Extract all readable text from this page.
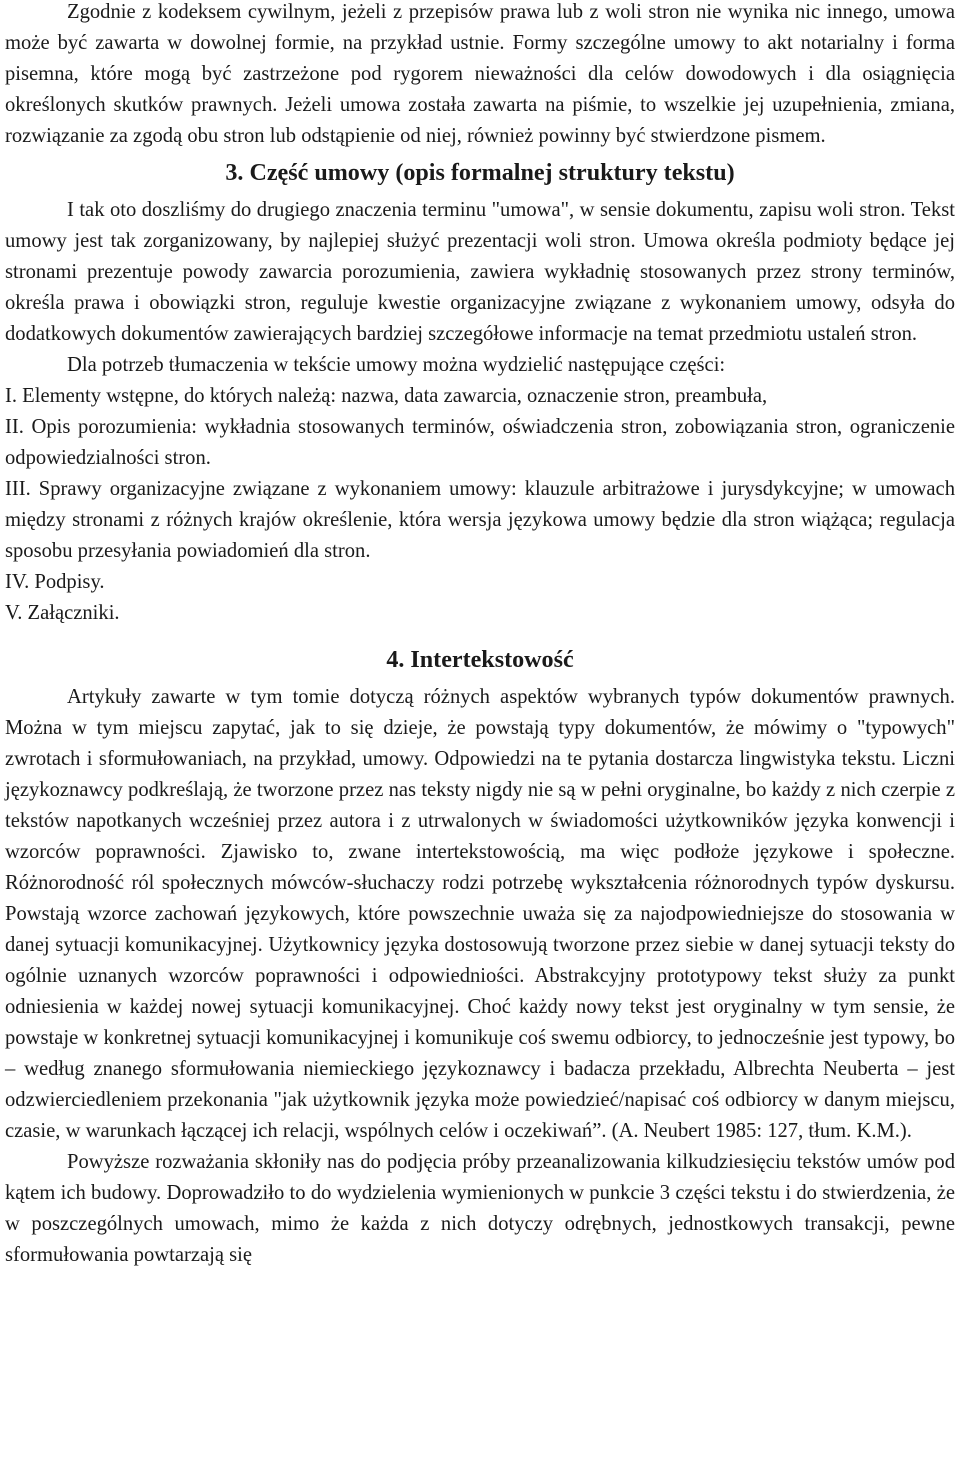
Zgodnie z kodeksem cywilnym, jeżeli z przepisów prawa lub z woli stron nie wynika nic innego, umowa może być zawarta w dowolnej formie, na przykład ustnie. Formy szczególne umowy to akt notarialny i forma pisemna, które mogą być zastrzeżone pod rygorem nieważności dla celów dowodowych i dla osiągnięcia określonych skutków prawnych. Jeżeli umowa została zawarta na piśmie, to wszelkie jej uzupełnienia, zmiana, rozwiązanie za zgodą obu stron lub odstąpienie od niej, również powinny być stwierdzone pismem.

3. Część umowy (opis formalnej struktury tekstu)

I tak oto doszliśmy do drugiego znaczenia terminu "umowa", w sensie dokumentu, zapisu woli stron. Tekst umowy jest tak zorganizowany, by najlepiej służyć prezentacji woli stron. Umowa określa podmioty będące jej stronami prezentuje powody zawarcia porozumienia, zawiera wykładnię stosowanych przez strony terminów, określa prawa i obowiązki stron, reguluje kwestie organizacyjne związane z wykonaniem umowy, odsyła do dodatkowych dokumentów zawierających bardziej szczegółowe informacje na temat przedmiotu ustaleń stron.

Dla potrzeb tłumaczenia w tekście umowy można wydzielić następujące części:

I. Elementy wstępne, do których należą: nazwa, data zawarcia, oznaczenie stron, preambuła,

II. Opis porozumienia: wykładnia stosowanych terminów, oświadczenia stron, zobowiązania stron, ograniczenie odpowiedzialności stron.

III. Sprawy organizacyjne związane z wykonaniem umowy: klauzule arbitrażowe i jurysdykcyjne; w umowach między stronami z różnych krajów określenie, która wersja językowa umowy będzie dla stron wiążąca; regulacja sposobu przesyłania powiadomień dla stron.

IV. Podpisy.

V. Załączniki.

4. Intertekstowość

Artykuły zawarte w tym tomie dotyczą różnych aspektów wybranych typów dokumentów prawnych. Można w tym miejscu zapytać, jak to się dzieje, że powstają typy dokumentów, że mówimy o "typowych" zwrotach i sformułowaniach, na przykład, umowy. Odpowiedzi na te pytania dostarcza lingwistyka tekstu. Liczni językoznawcy podkreślają, że tworzone przez nas teksty nigdy nie są w pełni oryginalne, bo każdy z nich czerpie z tekstów napotkanych wcześniej przez autora i z utrwalonych w świadomości użytkowników języka konwencji i wzorców poprawności. Zjawisko to, zwane intertekstowością, ma więc podłoże językowe i społeczne. Różnorodność ról społecznych mówców-słuchaczy rodzi potrzebę wykształcenia różnorodnych typów dyskursu. Powstają wzorce zachowań językowych, które powszechnie uważa się za najodpowiedniejsze do stosowania w danej sytuacji komunikacyjnej. Użytkownicy języka dostosowują tworzone przez siebie w danej sytuacji teksty do ogólnie uznanych wzorców poprawności i odpowiedniości. Abstrakcyjny prototypowy tekst służy za punkt odniesienia w każdej nowej sytuacji komunikacyjnej. Choć każdy nowy tekst jest oryginalny w tym sensie, że powstaje w konkretnej sytuacji komunikacyjnej i komunikuje coś swemu odbiorcy, to jednocześnie jest typowy, bo – według znanego sformułowania niemieckiego językoznawcy i badacza przekładu, Albrechta Neuberta – jest odzwierciedleniem przekonania "jak użytkownik języka może powiedzieć/napisać coś odbiorcy w danym miejscu, czasie, w warunkach łączącej ich relacji, wspólnych celów i oczekiwań”. (A. Neubert 1985: 127, tłum. K.M.).

Powyższe rozważania skłoniły nas do podjęcia próby przeanalizowania kilkudziesięciu tekstów umów pod kątem ich budowy. Doprowadziło to do wydzielenia wymienionych w punkcie 3 części tekstu i do stwierdzenia, że w poszczególnych umowach, mimo że każda z nich dotyczy odrębnych, jednostkowych transakcji, pewne sformułowania powtarzają się
